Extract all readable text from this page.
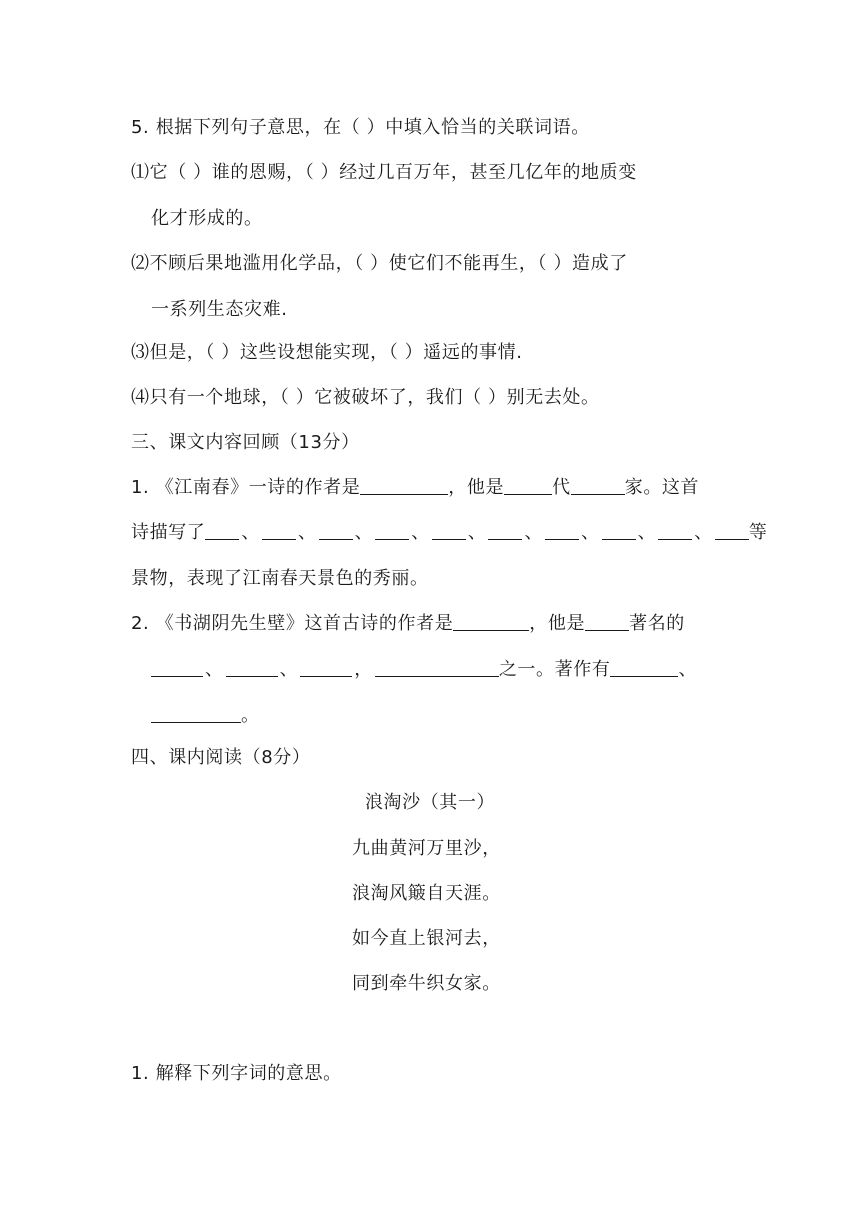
5. 根据下列句子意思，在（ ）中填入恰当的关联词语。
⑴它（ ）谁的恩赐，（ ）经过几百万年，甚至几亿年的地质变
化才形成的。
⑵不顾后果地滥用化学品，（ ）使它们不能再生，（ ）造成了
一系列生态灾难.
⑶但是，（ ）这些设想能实现，（ ）遥远的事情.
⑷只有一个地球，（ ）它被破坏了，我们（ ）别无去处。
三、课文内容回顾（13分）
1. 《江南春》一诗的作者是	，他是	代	家。这首
诗描写了 、 、 、 、 、 、 、 、 、 等
景物，表现了江南春天景色的秀丽。
2. 《书湖阴先生壁》这首古诗的作者是	，他是 著名的
、	、	，	之一。著作有	、
。
四、课内阅读（8分）
浪淘沙（其一）
九曲黄河万里沙，
浪淘风簸自天涯。
如今直上银河去，
同到牵牛织女家。
1. 解释下列字词的意思。
